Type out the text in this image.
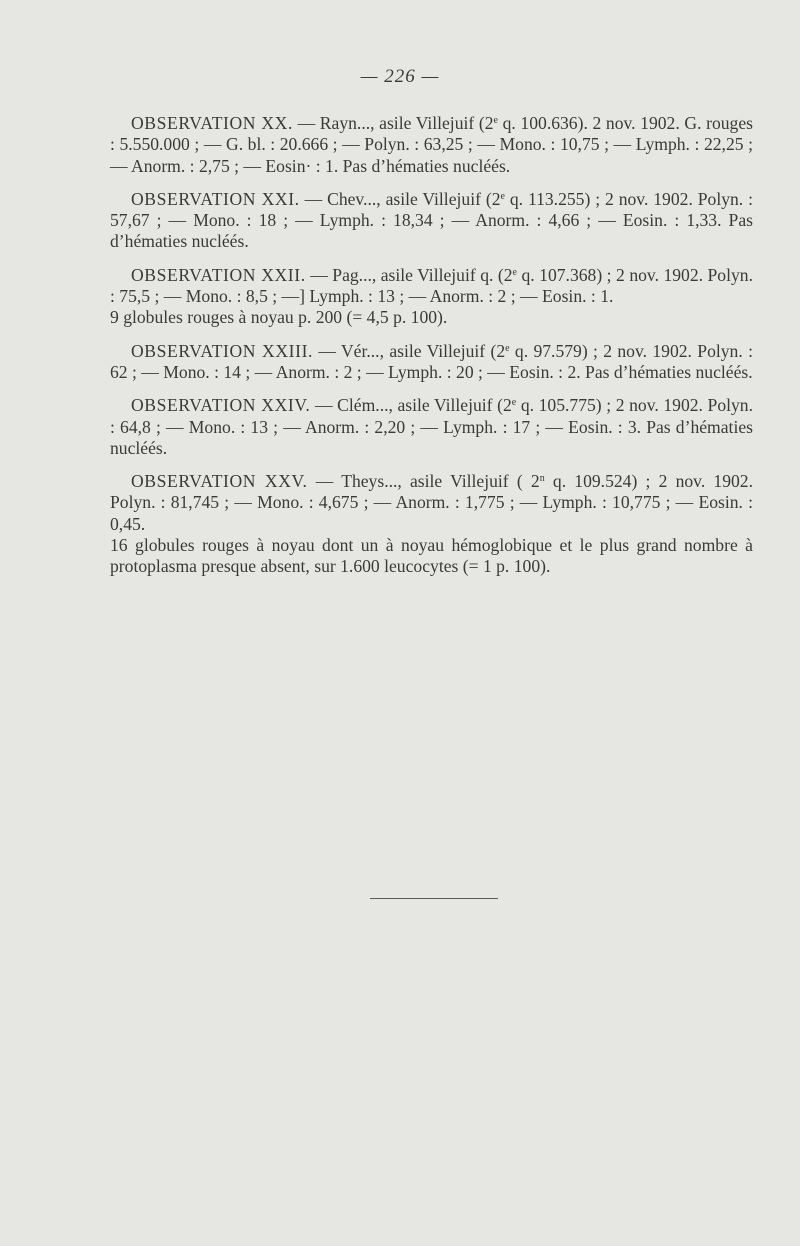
— 226 —

OBSERVATION XX. — Rayn..., asile Villejuif (2e q. 100.636). 2 nov. 1902. G. rouges : 5.550.000 ; — G. bl. : 20.666 ; — Polyn. : 63,25 ; — Mono. : 10,75 ; — Lymph. : 22,25 ; — Anorm. : 2,75 ; — Eosin· : 1. Pas d’hématies nucléés.

OBSERVATION XXI. — Chev..., asile Villejuif (2e q. 113.255) ; 2 nov. 1902. Polyn. : 57,67 ; — Mono. : 18 ; — Lymph. : 18,34 ; — Anorm. : 4,66 ; — Eosin. : 1,33. Pas d’hématies nucléés.

OBSERVATION XXII. — Pag..., asile Villejuif q. (2e q. 107.368) ; 2 nov. 1902. Polyn. : 75,5 ; — Mono. : 8,5 ; —] Lymph. : 13 ; — Anorm. : 2 ; — Eosin. : 1.
9 globules rouges à noyau p. 200 (= 4,5 p. 100).

OBSERVATION XXIII. — Vér..., asile Villejuif (2e q. 97.579) ; 2 nov. 1902. Polyn. : 62 ; — Mono. : 14 ; — Anorm. : 2 ; — Lymph. : 20 ; — Eosin. : 2. Pas d’hématies nucléés.

OBSERVATION XXIV. — Clém..., asile Villejuif (2e q. 105.775) ; 2 nov. 1902. Polyn. : 64,8 ; — Mono. : 13 ; — Anorm. : 2,20 ; — Lymph. : 17 ; — Eosin. : 3. Pas d’hématies nucléés.

OBSERVATION XXV. — Theys..., asile Villejuif ( 2$^n$ q. 109.524) ; 2 nov. 1902. Polyn. : 81,745 ; — Mono. : 4,675 ; — Anorm. : 1,775 ; — Lymph. : 10,775 ; — Eosin. : 0,45.
16 globules rouges à noyau dont un à noyau hémoglobique et le plus grand nombre à protoplasma presque absent, sur 1.600 leucocytes (= 1 p. 100).
